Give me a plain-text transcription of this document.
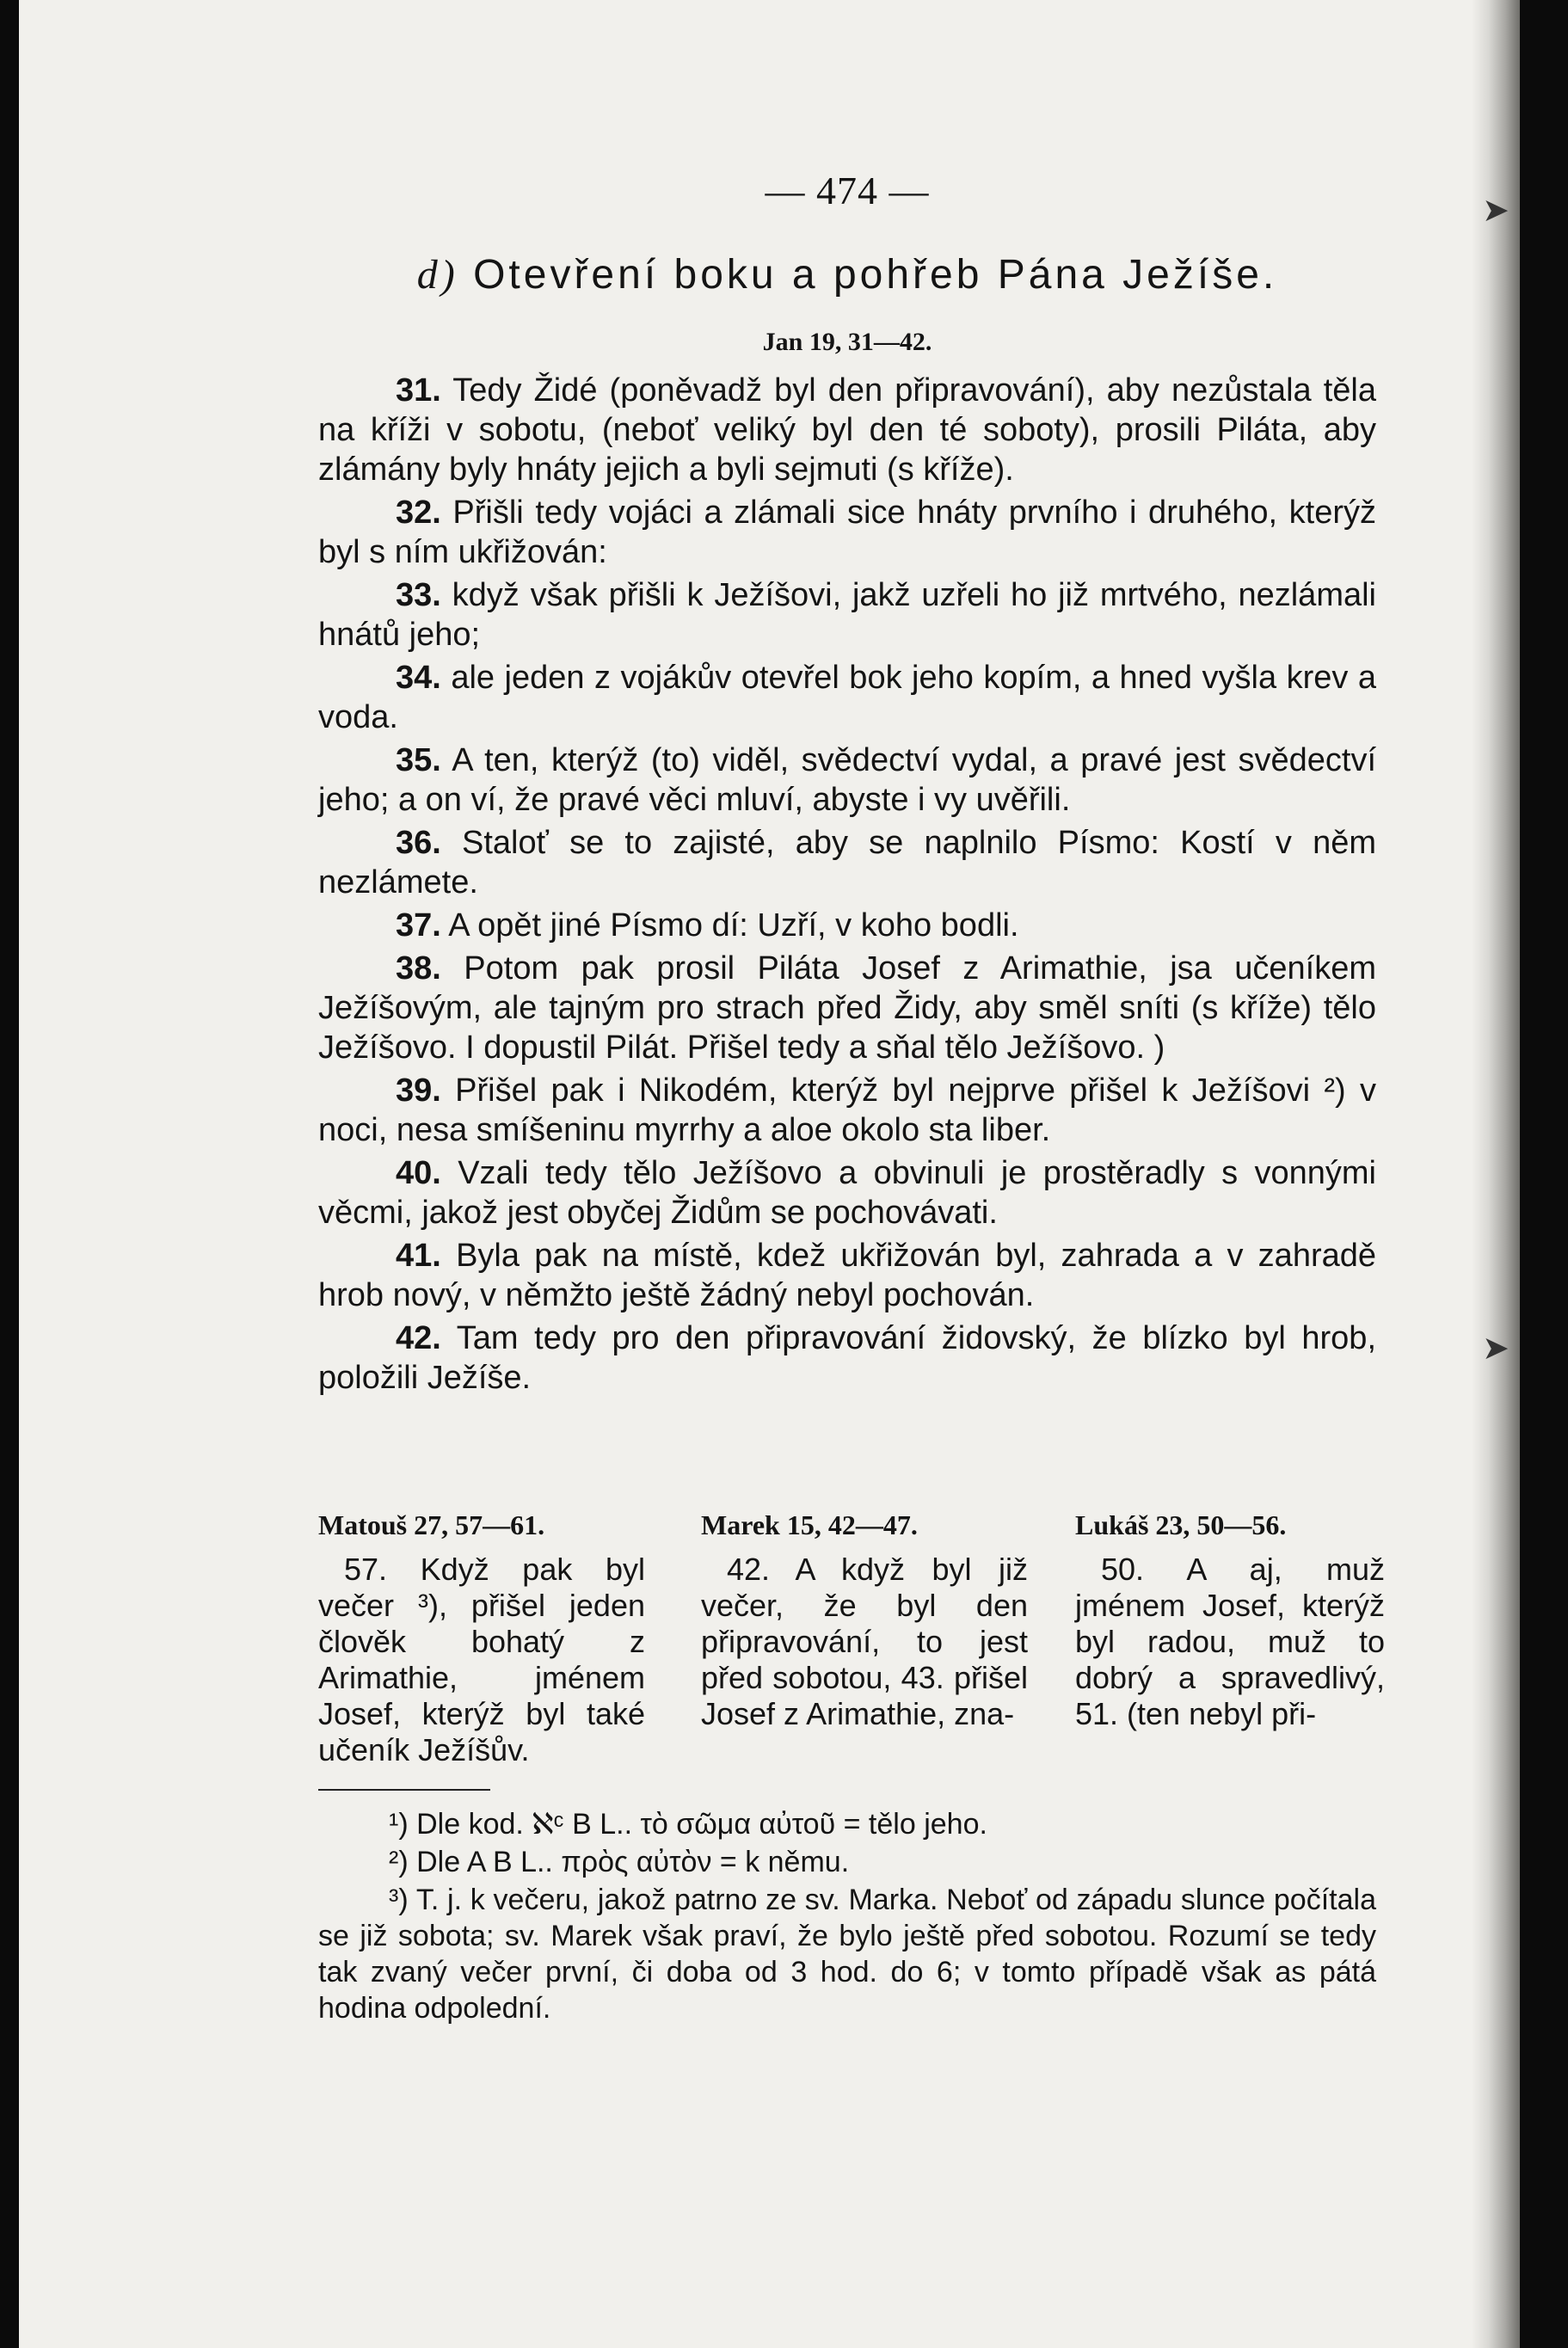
➤
➤
— 474 —
d) Otevření boku a pohřeb Pána Ježíše.
Jan 19, 31—42.

31. Tedy Židé (poněvadž byl den připravování), aby nezůstala těla na kříži v sobotu, (neboť veliký byl den té soboty), prosili Piláta, aby zlámány byly hnáty jejich a byli sejmuti (s kříže).

32. Přišli tedy vojáci a zlámali sice hnáty prvního i druhého, kterýž byl s ním ukřižován:

33. když však přišli k Ježíšovi, jakž uzřeli ho již mrtvého, nezlámali hnátů jeho;

34. ale jeden z vojákův otevřel bok jeho kopím, a hned vyšla krev a voda.

35. A ten, kterýž (to) viděl, svědectví vydal, a pravé jest svědectví jeho; a on ví, že pravé věci mluví, abyste i vy uvěřili.

36. Staloť se to zajisté, aby se naplnilo Písmo: Kostí v něm nezlámete.

37. A opět jiné Písmo dí: Uzří, v koho bodli.

38. Potom pak prosil Piláta Josef z Arimathie, jsa učeníkem Ježíšovým, ale tajným pro strach před Židy, aby směl sníti (s kříže) tělo Ježíšovo. I dopustil Pilát. Přišel tedy a sňal tělo Ježíšovo. )

39. Přišel pak i Nikodém, kterýž byl nejprve přišel k Ježíšovi ²) v noci, nesa smíšeninu myrrhy a aloe okolo sta liber.

40. Vzali tedy tělo Ježíšovo a obvinuli je prostěradly s vonnými věcmi, jakož jest obyčej Židům se pochovávati.

41. Byla pak na místě, kdež ukřižován byl, zahrada a v zahradě hrob nový, v němžto ještě žádný nebyl pochován.

42. Tam tedy pro den připravování židovský, že blízko byl hrob, položili Ježíše.

Matouš 27, 57—61.
57. Když pak byl večer ³), přišel jeden člověk bohatý z Arimathie, jménem Josef, kterýž byl také učeník Ježíšův.
Marek 15, 42—47.
42. A když byl již večer, že byl den připravování, to jest před sobotou, 43. přišel Josef z Arimathie, zna-
Lukáš 23, 50—56.
50. A aj, muž jménem Josef, kterýž byl radou, muž to dobrý a spravedlivý, 51. (ten nebyl při-
¹) Dle kod. ℵᶜ B L.. τὸ σῶμα αὐτοῦ = tělo jeho.
²) Dle A B L.. πρὸς αὐτὸν = k němu.
³) T. j. k večeru, jakož patrno ze sv. Marka. Neboť od západu slunce počítala se již sobota; sv. Marek však praví, že bylo ještě před sobotou. Rozumí se tedy tak zvaný večer první, či doba od 3 hod. do 6; v tomto případě však as pátá hodina odpolední.
